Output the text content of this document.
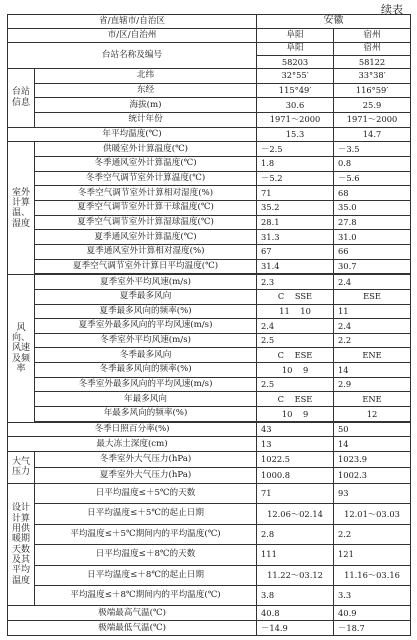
续表
省/直辖市/自治区		安徽	
市/区/自治州		阜阳	宿州
台站名称及编号		阜阳	宿州
		58203	58122
台站信息	北纬	32°55′	33°38′
	东经	115°49′	116°59′
	海拔(m)	30.6	25.9
	统计年份	1971～2000	1971～2000
年平均温度(℃)		15.3	14.7
室外计算温、湿度	供暖室外计算温度(℃)	－2.5	－3.5
	冬季通风室外计算温度(℃)	1.8	0.8
	冬季空气调节室外计算温度(℃)	－5.2	－5.6
	冬季空气调节室外计算相对湿度(%)	71	68
	夏季空气调节室外计算干球温度(℃)	35.2	35.0
	夏季空气调节室外计算湿球温度(℃)	28.1	27.8
	夏季通风室外计算温度(℃)	31.3	31.0
	夏季通风室外计算相对湿度(%)	67	66
	夏季空气调节室外计算日平均温度(℃)	31.4	30.7

风向、风速及频率	夏季室外平均风速(m/s)	2.3	2.4
	夏季最多风向	C SSE	ESE
	夏季最多风向的频率(%)	11 10	11
	夏季室外最多风向的平均风速(m/s)	2.4	2.4
	冬季室外平均风速(m/s)	2.5	2.2
	冬季最多风向	C ESE	ENE
	冬季最多风向的频率(%)	10 9	14
	冬季室外最多风向的平均风速(m/s)	2.5	2.9
	年最多风向	C ESE	ENE
	年最多风向的频率(%)	10 9	12

冬季日照百分率(%)		43	50
最大冻土深度(cm)		13	14
大气压力	冬季室外大气压力(hPa)	1022.5	1023.9
	夏季室外大气压力(hPa)	1000.8	1002.3
设计计算用供暖期天数及其平均温度	日平均温度≤＋5℃的天数	71	93
	日平均温度≤＋5℃的起止日期	12.06～02.14	12.01～03.03
	平均温度≤＋5℃期间内的平均温度(℃)	2.8	2.2
	日平均温度≤＋8℃的天数	111	121
	日平均温度≤＋8℃的起止日期	11.22～03.12	11.16～03.16
	平均温度≤＋8℃期间内的平均温度(℃)	3.8	3.3
极端最高气温(℃)		40.8	40.9
极端最低气温(℃)		－14.9	－18.7
